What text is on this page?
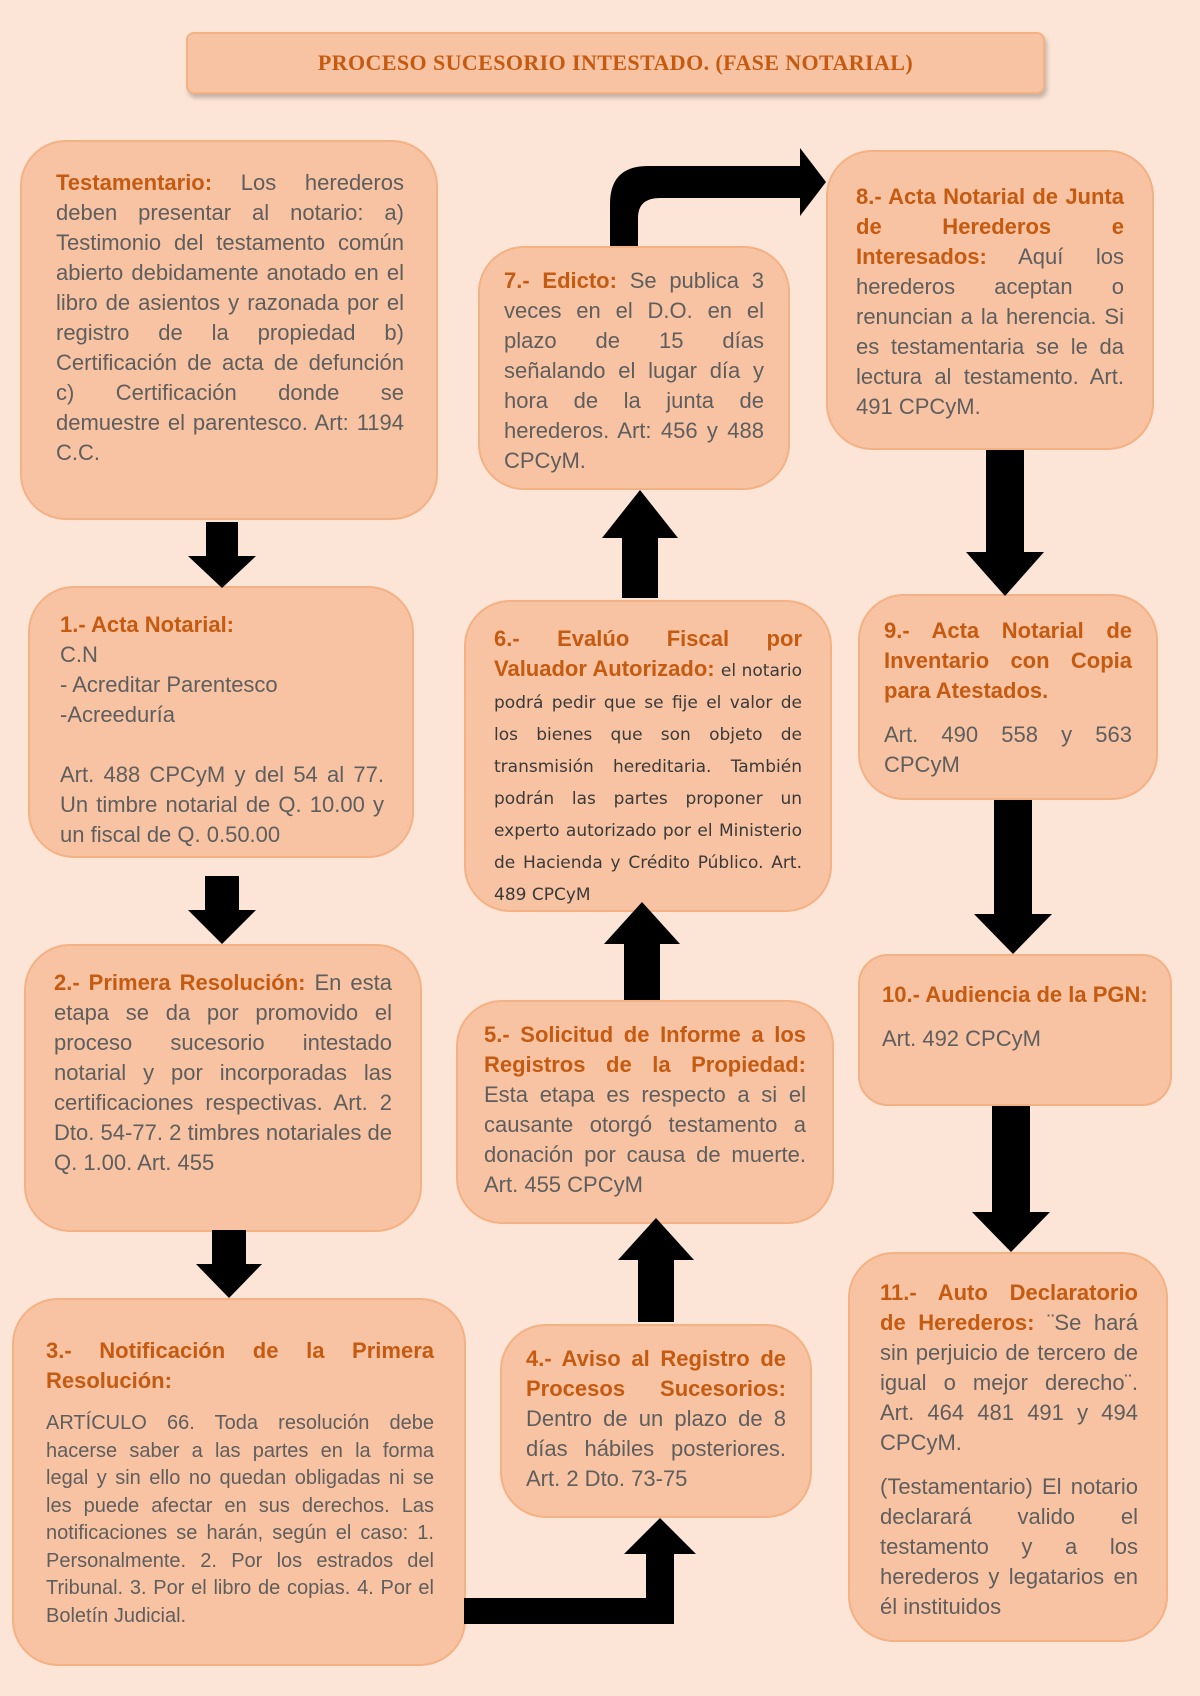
PROCESO SUCESORIO INTESTADO. (FASE NOTARIAL)

Testamentario: Los herederos deben presentar al notario: a) Testimonio del testamento común abierto debidamente anotado en el libro de asientos y razonada por el registro de la propiedad b) Certificación de acta de defunción c) Certificación donde se demuestre el parentesco. Art: 1194 C.C.

1.- Acta Notarial:

C.N

- Acreditar Parentesco

-Acreeduría

Art. 488 CPCyM y del 54 al 77. Un timbre notarial de Q. 10.00 y un fiscal de Q. 0.50.00

2.- Primera Resolución: En esta etapa se da por promovido el proceso sucesorio intestado notarial y por incorporadas las certificaciones respectivas. Art. 2 Dto. 54-77. 2 timbres notariales de Q. 1.00. Art. 455

3.- Notificación de la Primera Resolución:

ARTÍCULO 66. Toda resolución debe hacerse saber a las partes en la forma legal y sin ello no quedan obligadas ni se les puede afectar en sus derechos. Las notificaciones se harán, según el caso: 1. Personalmente. 2. Por los estrados del Tribunal. 3. Por el libro de copias. 4. Por el Boletín Judicial.

4.- Aviso al Registro de Procesos Sucesorios: Dentro de un plazo de 8 días hábiles posteriores. Art. 2 Dto. 73-75

5.- Solicitud de Informe a los Registros de la Propiedad: Esta etapa es respecto a si el causante otorgó testamento a donación por causa de muerte. Art. 455 CPCyM

6.- Evalúo Fiscal por Valuador Autorizado: el notario podrá pedir que se fije el valor de los bienes que son objeto de transmisión hereditaria. También podrán las partes proponer un experto autorizado por el Ministerio de Hacienda y Crédito Público. Art. 489 CPCyM

7.- Edicto: Se publica 3 veces en el D.O. en el plazo de 15 días señalando el lugar día y hora de la junta de herederos. Art: 456 y 488 CPCyM.

8.- Acta Notarial de Junta de Herederos e Interesados: Aquí los herederos aceptan o renuncian a la herencia. Si es testamentaria se le da lectura al testamento. Art. 491 CPCyM.

9.- Acta Notarial de Inventario con Copia para Atestados.

Art. 490 558 y 563 CPCyM

10.- Audiencia de la PGN:

Art. 492 CPCyM

11.- Auto Declaratorio de Herederos: ¨Se hará sin perjuicio de tercero de igual o mejor derecho¨. Art. 464 481 491 y 494 CPCyM.

(Testamentario) El notario declarará valido el testamento y a los herederos y legatarios en él instituidos
